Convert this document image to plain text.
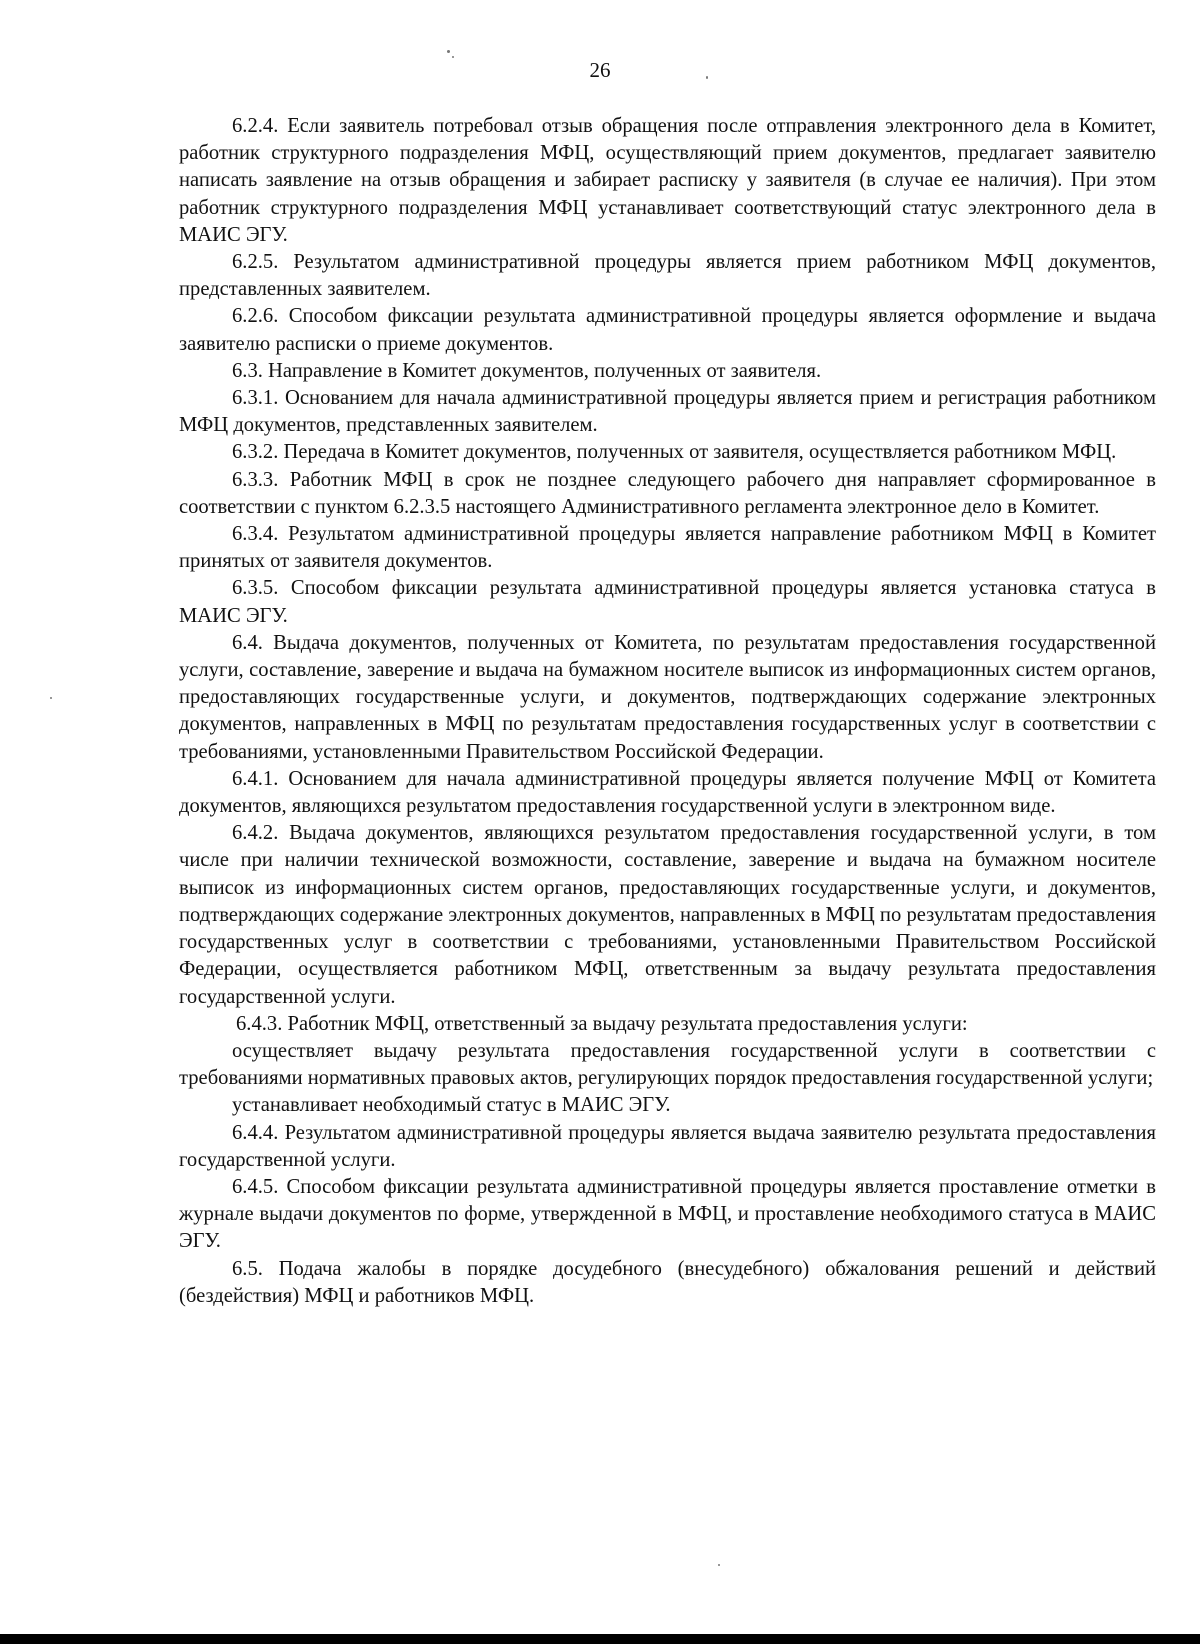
26

6.2.4. Если заявитель потребовал отзыв обращения после отправления электронного дела в Комитет, работник структурного подразделения МФЦ, осуществляющий прием документов, предлагает заявителю написать заявление на отзыв обращения и забирает расписку у заявителя (в случае ее наличия). При этом работник структурного подразделения МФЦ устанавливает соответствующий статус электронного дела в МАИС ЭГУ.

6.2.5. Результатом административной процедуры является прием работником МФЦ документов, представленных заявителем.

6.2.6. Способом фиксации результата административной процедуры является оформление и выдача заявителю расписки о приеме документов.

6.3. Направление в Комитет документов, полученных от заявителя.

6.3.1. Основанием для начала административной процедуры является прием и регистрация работником МФЦ документов, представленных заявителем.

6.3.2. Передача в Комитет документов, полученных от заявителя, осуществляется работником МФЦ.

6.3.3. Работник МФЦ в срок не позднее следующего рабочего дня направляет сформированное в соответствии с пунктом 6.2.3.5 настоящего Административного регламента электронное дело в Комитет.

6.3.4. Результатом административной процедуры является направление работником МФЦ в Комитет принятых от заявителя документов.

6.3.5. Способом фиксации результата административной процедуры является установка статуса в МАИС ЭГУ.

6.4. Выдача документов, полученных от Комитета, по результатам предоставления государственной услуги, составление, заверение и выдача на бумажном носителе выписок из информационных систем органов, предоставляющих государственные услуги, и документов, подтверждающих содержание электронных документов, направленных в МФЦ по результатам предоставления государственных услуг в соответствии с требованиями, установленными Правительством Российской Федерации.

6.4.1. Основанием для начала административной процедуры является получение МФЦ от Комитета документов, являющихся результатом предоставления государственной услуги в электронном виде.

6.4.2. Выдача документов, являющихся результатом предоставления государственной услуги, в том числе при наличии технической возможности, составление, заверение и выдача на бумажном носителе выписок из информационных систем органов, предоставляющих государственные услуги, и документов, подтверждающих содержание электронных документов, направленных в МФЦ по результатам предоставления государственных услуг в соответствии с требованиями, установленными Правительством Российской Федерации, осуществляется работником МФЦ, ответственным за выдачу результата предоставления государственной услуги.

6.4.3. Работник МФЦ, ответственный за выдачу результата предоставления услуги:

осуществляет выдачу результата предоставления государственной услуги в соответствии с требованиями нормативных правовых актов, регулирующих порядок предоставления государственной услуги;

устанавливает необходимый статус в МАИС ЭГУ.

6.4.4. Результатом административной процедуры является выдача заявителю результата предоставления государственной услуги.

6.4.5. Способом фиксации результата административной процедуры является проставление отметки в журнале выдачи документов по форме, утвержденной в МФЦ, и проставление необходимого статуса в МАИС ЭГУ.

6.5. Подача жалобы в порядке досудебного (внесудебного) обжалования решений и действий (бездействия) МФЦ и работников МФЦ.
